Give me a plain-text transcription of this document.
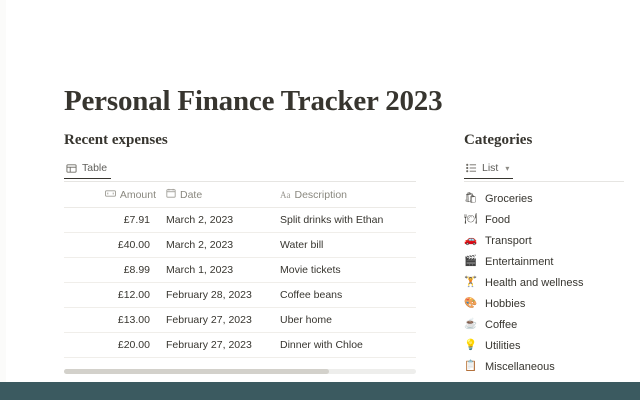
Personal Finance Tracker 2023
Recent expenses
Table
Amount	Date	Aa Description

£7.91	March 2, 2023	Split drinks with Ethan
£40.00	March 2, 2023	Water bill
£8.99	March 1, 2023	Movie tickets
£12.00	February 28, 2023	Coffee beans
£13.00	February 27, 2023	Uber home
£20.00	February 27, 2023	Dinner with Chloe
Categories
List ▾
🛍 Groceries
🍽 Food
🚗 Transport
🎬 Entertainment
🏋 Health and wellness
🎨 Hobbies
☕ Coffee
💡 Utilities
📋 Miscellaneous
